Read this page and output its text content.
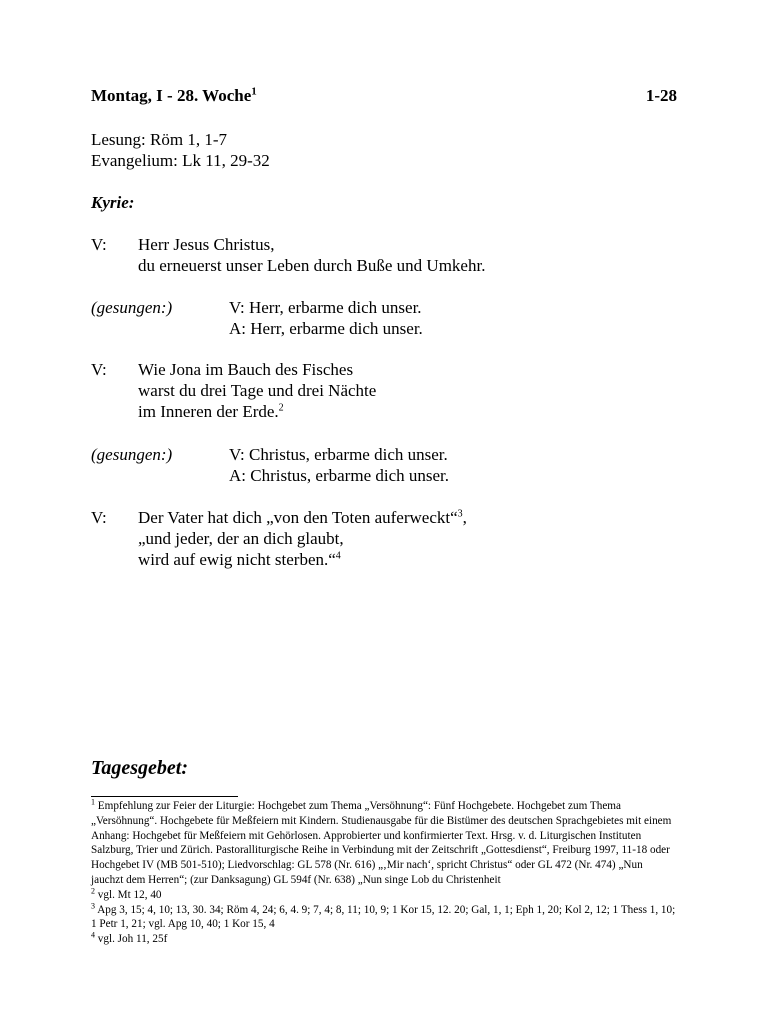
Montag, I - 28. Woche$^1$	1-28
Lesung: Röm 1, 1-7
Evangelium: Lk 11, 29-32
Kyrie:
V: Herr Jesus Christus,
du erneuerst unser Leben durch Buße und Umkehr.
(gesungen:)	V: Herr, erbarme dich unser.
A: Herr, erbarme dich unser.
V: Wie Jona im Bauch des Fisches
warst du drei Tage und drei Nächte
im Inneren der Erde.$^2$
(gesungen:)	V: Christus, erbarme dich unser.
A: Christus, erbarme dich unser.
V: Der Vater hat dich „von den Toten auferweckt“$^3$,
„und jeder, der an dich glaubt,
wird auf ewig nicht sterben.“$^4$
Tagesgebet:

$^1$ Empfehlung zur Feier der Liturgie: Hochgebet zum Thema „Versöhnung“: Fünf Hochgebete. Hochgebet zum Thema „Versöhnung“. Hochgebete für Meßfeiern mit Kindern. Studienausgabe für die Bistümer des deutschen Sprachgebietes mit einem Anhang: Hochgebet für Meßfeiern mit Gehörlosen. Approbierter und konfirmierter Text. Hrsg. v. d. Liturgischen Instituten Salzburg, Trier und Zürich. Pastoralliturgische Reihe in Verbindung mit der Zeitschrift „Gottesdienst“, Freiburg 1997, 11-18 oder Hochgebet IV (MB 501-510); Liedvorschlag: GL 578 (Nr. 616) „‚Mir nach‘, spricht Christus“ oder GL 472 (Nr. 474) „Nun jauchzt dem Herren“; (zur Danksagung) GL 594f (Nr. 638) „Nun singe Lob du Christenheit

$^2$ vgl. Mt 12, 40

$^3$ Apg 3, 15; 4, 10; 13, 30. 34; Röm 4, 24; 6, 4. 9; 7, 4; 8, 11; 10, 9; 1 Kor 15, 12. 20; Gal, 1, 1; Eph 1, 20; Kol 2, 12; 1 Thess 1, 10; 1 Petr 1, 21; vgl. Apg 10, 40; 1 Kor 15, 4

$^4$ vgl. Joh 11, 25f
